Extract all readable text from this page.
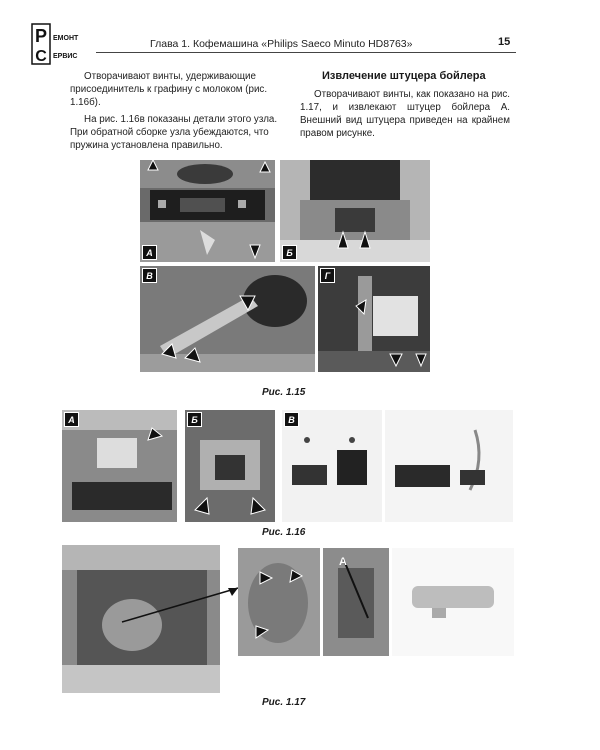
Р ЕМОНТ
С ЕРВИС
Глава 1. Кофемашина «Philips Saeco Minuto HD8763»	15

Отворачивают винты, удерживающие присоединитель к графину с молоком (рис. 1.16б).

На рис. 1.16в показаны детали этого узла. При обратной сборке узла убеждаются, что пружина установлена правильно.

Извлечение штуцера бойлера

Отворачивают винты, как показано на рис. 1.17, и извлекают штуцер бойлера А. Внешний вид штуцера приведен на крайнем правом рисунке.

А	Б
В	Г
Рис. 1.15
А	Б	В
Рис. 1.16
А
Рис. 1.17
